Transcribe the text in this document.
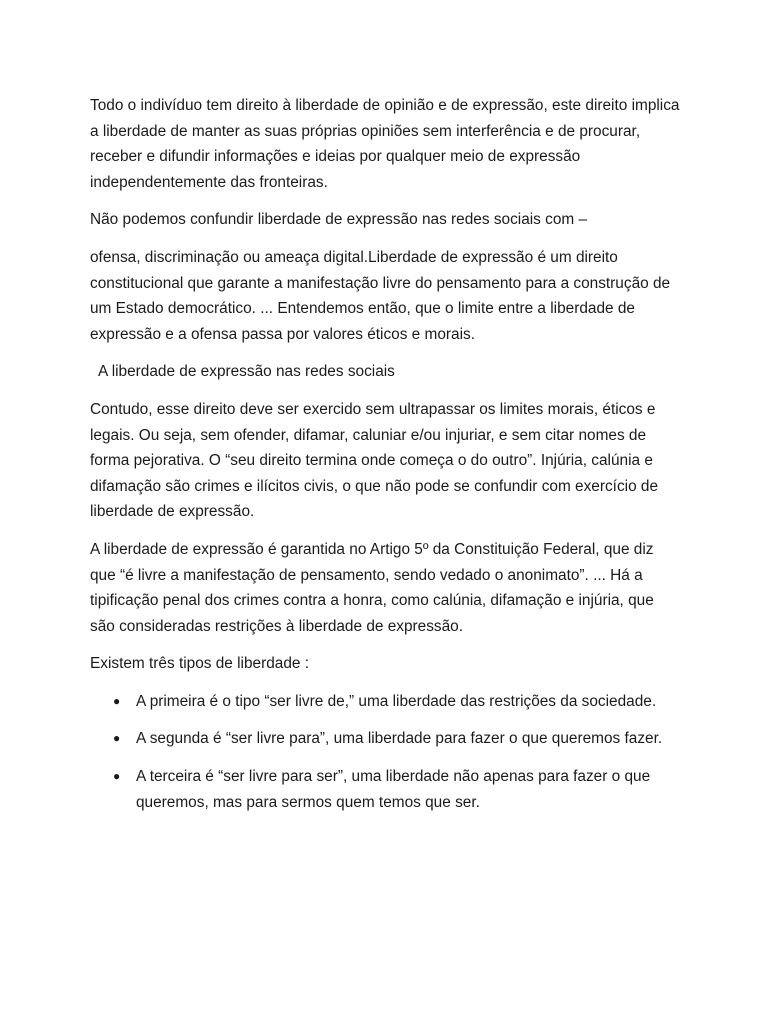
Todo o indivíduo tem direito à liberdade de opinião e de expressão, este direito implica a liberdade de manter as suas próprias opiniões sem interferência e de procurar, receber e difundir informações e ideias por qualquer meio de expressão independentemente das fronteiras.

Não podemos confundir liberdade de expressão nas redes sociais com –

ofensa, discriminação ou ameaça digital.Liberdade de expressão é um direito constitucional que garante a manifestação livre do pensamento para a construção de um Estado democrático. ... Entendemos então, que o limite entre a liberdade de expressão e a ofensa passa por valores éticos e morais.

A liberdade de expressão nas redes sociais

Contudo, esse direito deve ser exercido sem ultrapassar os limites morais, éticos e legais. Ou seja, sem ofender, difamar, caluniar e/ou injuriar, e sem citar nomes de forma pejorativa. O “seu direito termina onde começa o do outro”. Injúria, calúnia e difamação são crimes e ilícitos civis, o que não pode se confundir com exercício de liberdade de expressão.

A liberdade de expressão é garantida no Artigo 5º da Constituição Federal, que diz que “é livre a manifestação de pensamento, sendo vedado o anonimato”. ... Há a tipificação penal dos crimes contra a honra, como calúnia, difamação e injúria, que são consideradas restrições à liberdade de expressão.

Existem três tipos de liberdade :

● A primeira é o tipo “ser livre de,” uma liberdade das restrições da sociedade.
● A segunda é “ser livre para”, uma liberdade para fazer o que queremos fazer.
● A terceira é “ser livre para ser”, uma liberdade não apenas para fazer o que queremos, mas para sermos quem temos que ser.
